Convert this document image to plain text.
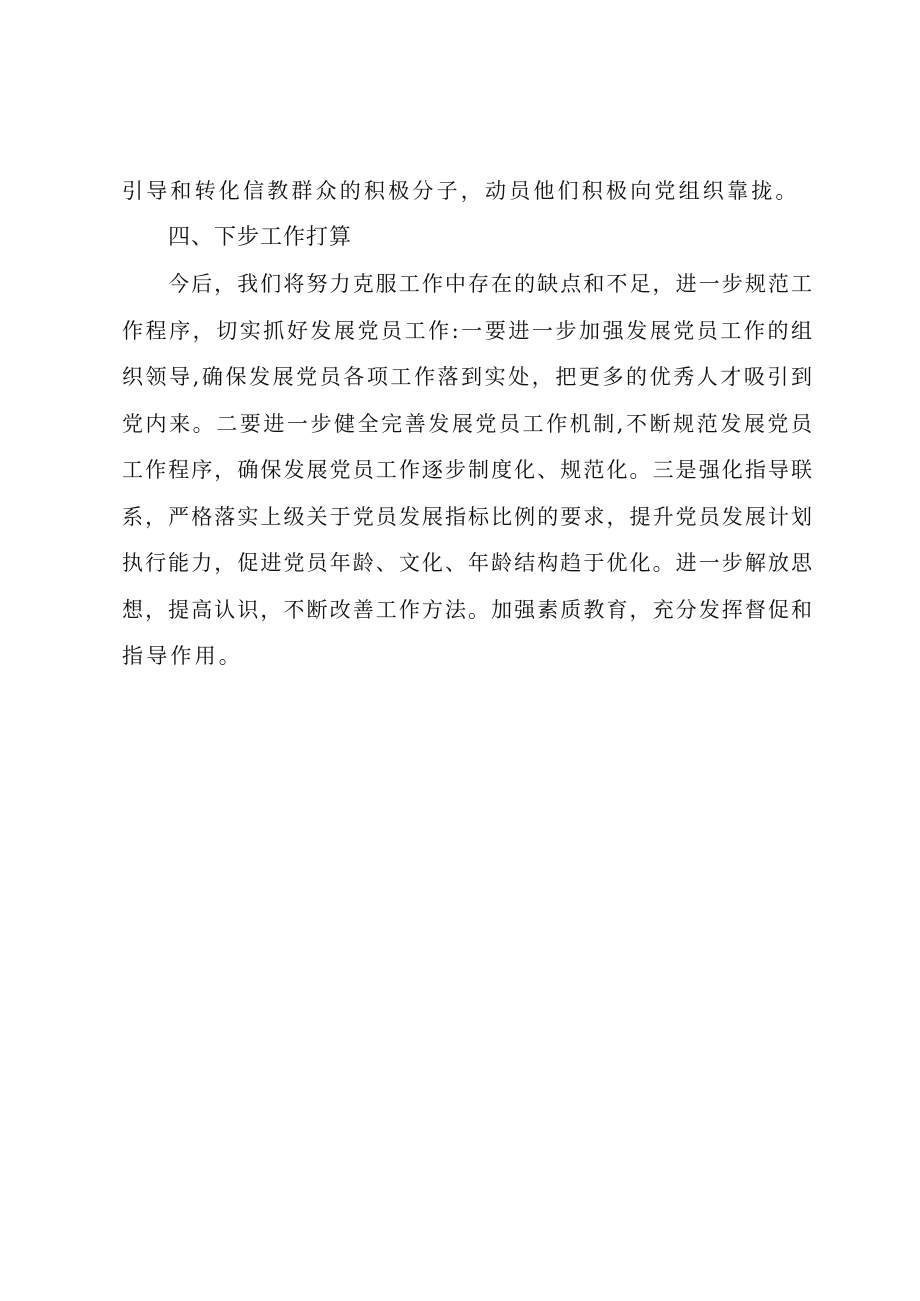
引导和转化信教群众的积极分子，动员他们积极向党组织靠拢。
四、下步工作打算
今后，我们将努力克服工作中存在的缺点和不足，进一步规范工
作程序，切实抓好发展党员工作:一要进一步加强发展党员工作的组
织领导,确保发展党员各项工作落到实处，把更多的优秀人才吸引到
党内来。二要进一步健全完善发展党员工作机制,不断规范发展党员
工作程序，确保发展党员工作逐步制度化、规范化。三是强化指导联
系，严格落实上级关于党员发展指标比例的要求，提升党员发展计划
执行能力，促进党员年龄、文化、年龄结构趋于优化。进一步解放思
想，提高认识，不断改善工作方法。加强素质教育，充分发挥督促和
指导作用。
